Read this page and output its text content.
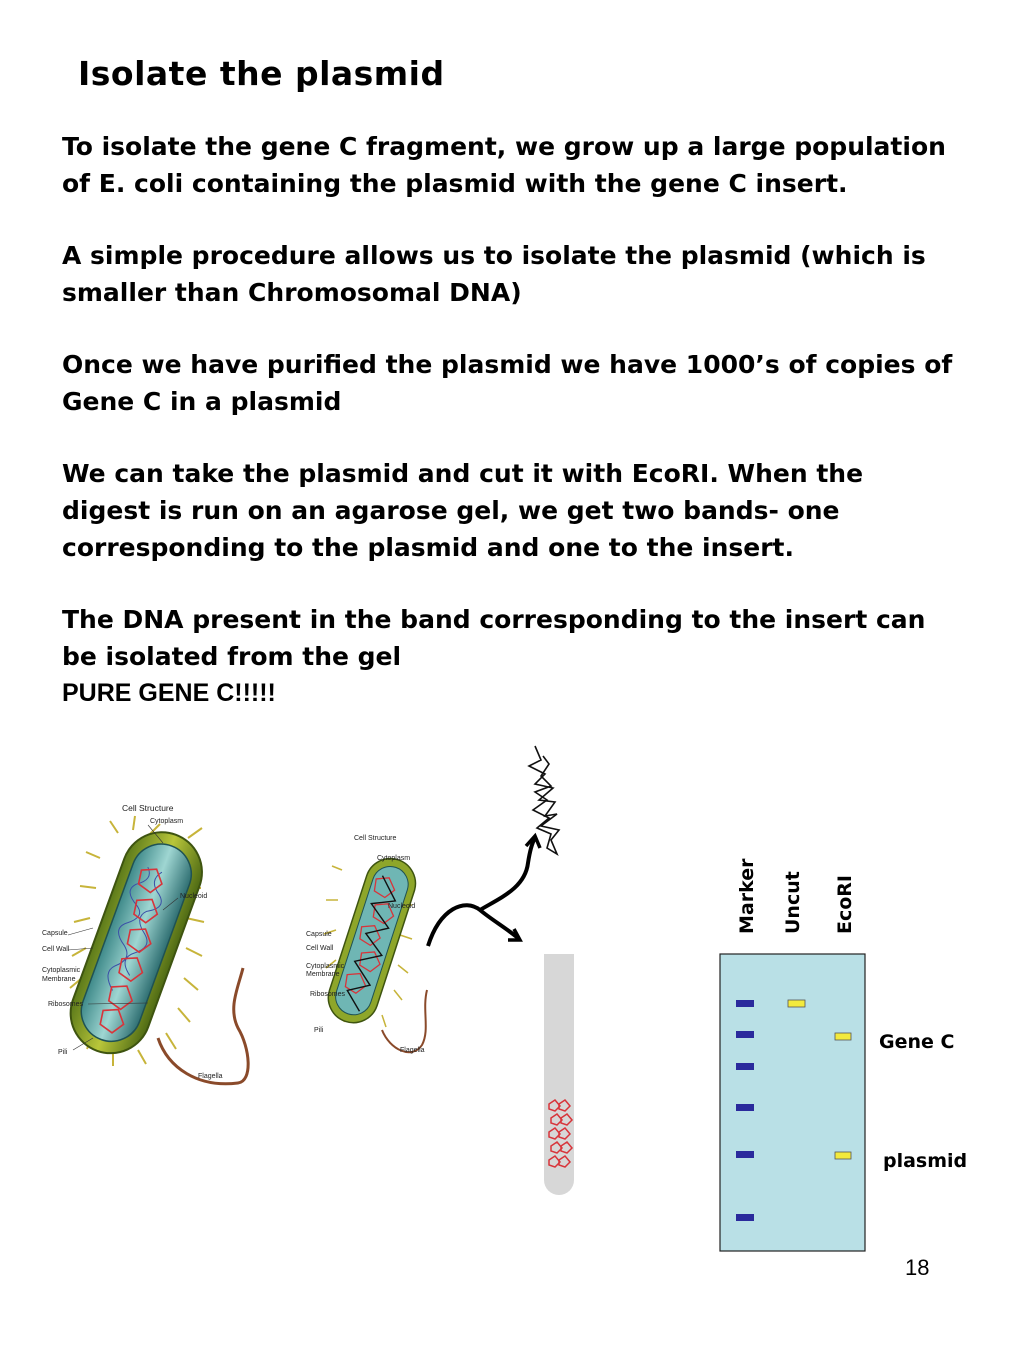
Isolate the plasmid
To isolate the gene C fragment, we grow up a large population
of E. coli containing the plasmid with the gene C insert.
A simple procedure allows us to isolate the plasmid (which is
smaller than Chromosomal DNA)
Once we have purified the plasmid we have 1000’s of copies of
Gene C in a plasmid
We can take the plasmid and cut it with EcoRI. When the
digest is run on an agarose gel, we get two bands- one
corresponding to the plasmid and one to the insert.
The DNA present in the band corresponding to the insert can
be isolated from the gel
PURE GENE C!!!!!
Cell Structure
Cytoplasm
Nucleoid
Capsule
Cell Wall
Cytoplasmic
Membrane
Ribosomes
Pili
Flagella
Cell Structure
Cytoplasm
Nucleoid
Capsule
Cell Wall
Cytoplasmic
Membrane
Ribosomes
Pili
Flagella
Marker Uncut EcoRI
Gene C
plasmid
18
